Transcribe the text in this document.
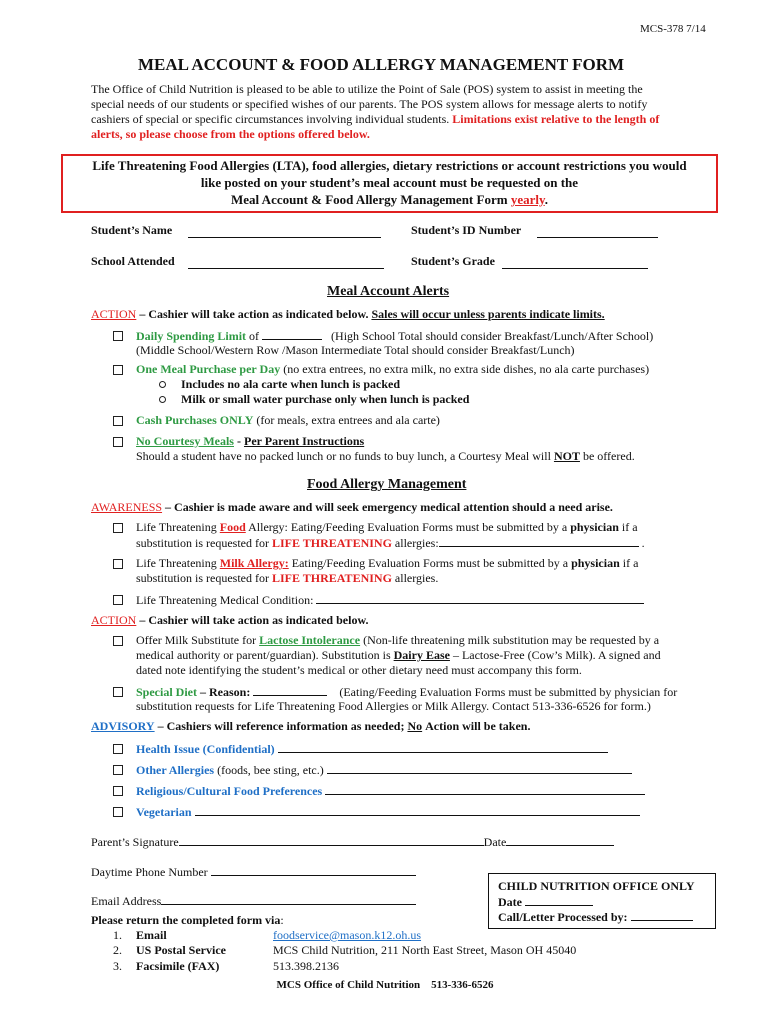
MCS-378 7/14
MEAL ACCOUNT & FOOD ALLERGY MANAGEMENT FORM
The Office of Child Nutrition is pleased to be able to utilize the Point of Sale (POS) system to assist in meeting the
special needs of our students or specified wishes of our parents. The POS system allows for message alerts to notify
cashiers of special or specific circumstances involving individual students. Limitations exist relative to the length of
alerts, so please choose from the options offered below.
Life Threatening Food Allergies (LTA), food allergies, dietary restrictions or account restrictions you would
like posted on your student’s meal account must be requested on the
Meal Account & Food Allergy Management Form yearly.
Student’s Name	Student’s ID Number
School Attended	Student’s Grade
Meal Account Alerts
ACTION – Cashier will take action as indicated below. Sales will occur unless parents indicate limits.
Daily Spending Limit of	(High School Total should consider Breakfast/Lunch/After School)
(Middle School/Western Row /Mason Intermediate Total should consider Breakfast/Lunch)
One Meal Purchase per Day (no extra entrees, no extra milk, no extra side dishes, no ala carte purchases)
Includes no ala carte when lunch is packed
Milk or small water purchase only when lunch is packed
Cash Purchases ONLY (for meals, extra entrees and ala carte)
No Courtesy Meals - Per Parent Instructions
Should a student have no packed lunch or no funds to buy lunch, a Courtesy Meal will NOT be offered.
Food Allergy Management
AWARENESS – Cashier is made aware and will seek emergency medical attention should a need arise.
Life Threatening Food Allergy: Eating/Feeding Evaluation Forms must be submitted by a physician if a
substitution is requested for LIFE THREATENING allergies:	.
Life Threatening Milk Allergy: Eating/Feeding Evaluation Forms must be submitted by a physician if a
substitution is requested for LIFE THREATENING allergies.
Life Threatening Medical Condition:
ACTION – Cashier will take action as indicated below.
Offer Milk Substitute for Lactose Intolerance (Non-life threatening milk substitution may be requested by a
medical authority or parent/guardian). Substitution is Dairy Ease – Lactose-Free (Cow’s Milk). A signed and
dated note identifying the student’s medical or other dietary need must accompany this form.
Special Diet – Reason:	(Eating/Feeding Evaluation Forms must be submitted by physician for
substitution requests for Life Threatening Food Allergies or Milk Allergy. Contact 513-336-6526 for form.)
ADVISORY – Cashiers will reference information as needed; No Action will be taken.
Health Issue (Confidential)
Other Allergies (foods, bee sting, etc.)
Religious/Cultural Food Preferences
Vegetarian
Parent’s Signature	Date
Daytime Phone Number
Email Address
CHILD NUTRITION OFFICE ONLY
Date
Call/Letter Processed by:
Please return the completed form via:
1. Email	foodservice@mason.k12.oh.us
2. US Postal Service	MCS Child Nutrition, 211 North East Street, Mason OH 45040
3. Facsimile (FAX)	513.398.2136
MCS Office of Child Nutrition    513-336-6526
